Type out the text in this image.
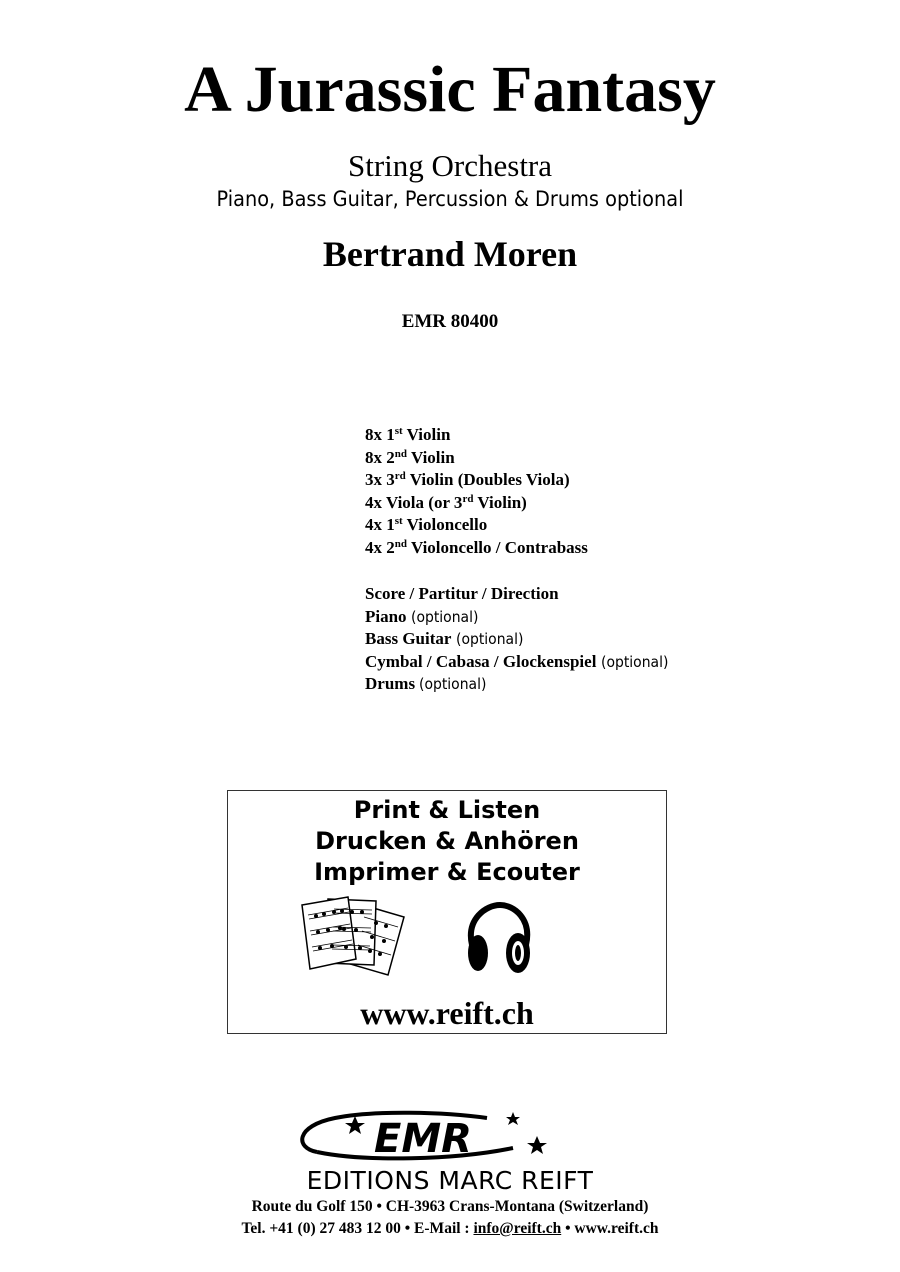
A Jurassic Fantasy
String Orchestra
Piano, Bass Guitar, Percussion & Drums optional
Bertrand Moren
EMR 80400
8x 1st Violin
8x 2nd Violin
3x 3rd Violin (Doubles Viola)
4x Viola (or 3rd Violin)
4x 1st Violoncello
4x 2nd Violoncello / Contrabass
Score / Partitur / Direction
Piano (optional)
Bass Guitar (optional)
Cymbal / Cabasa / Glockenspiel (optional)
Drums (optional)
Print & Listen
Drucken & Anhören
Imprimer & Ecouter
www.reift.ch
EMR
EDITIONS MARC REIFT
Route du Golf 150 • CH-3963 Crans-Montana (Switzerland)
Tel. +41 (0) 27 483 12 00 • E-Mail : info@reift.ch • www.reift.ch
